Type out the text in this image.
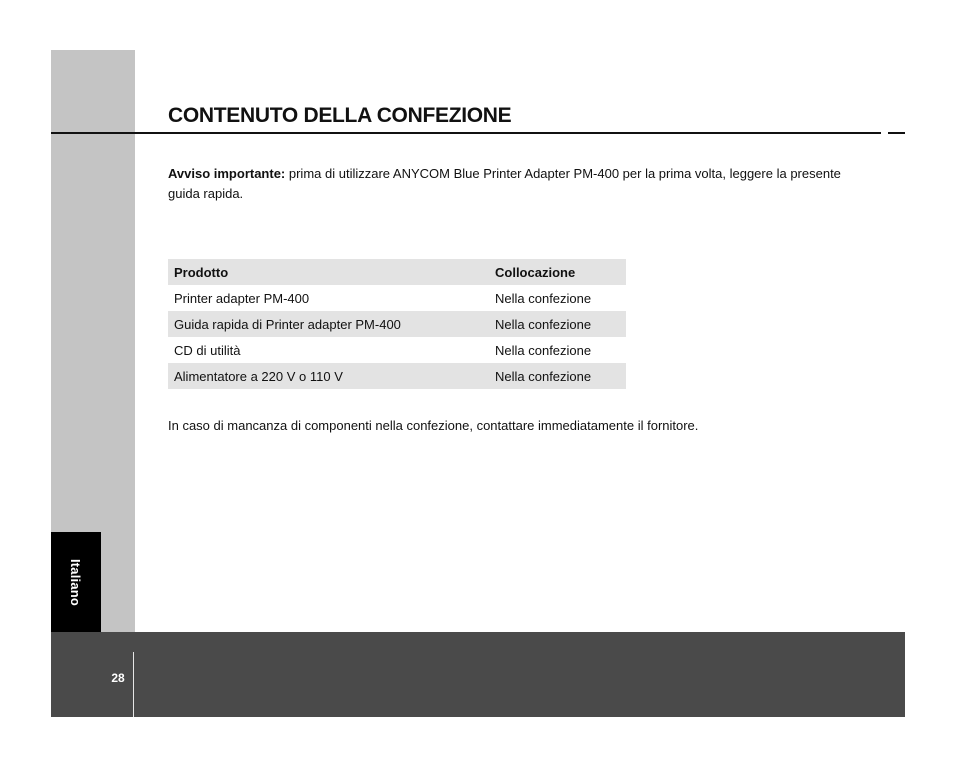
Italiano
CONTENUTO DELLA CONFEZIONE

Avviso importante: prima di utilizzare ANYCOM Blue Printer Adapter PM-400 per la prima volta, leggere la presente guida rapida.

Prodotto	Collocazione
Printer adapter PM-400	Nella confezione
Guida rapida di Printer adapter PM-400	Nella confezione
CD di utilità	Nella confezione
Alimentatore a 220 V o 110 V	Nella confezione

In caso di mancanza di componenti nella confezione, contattare immediatamente il fornitore.

28
